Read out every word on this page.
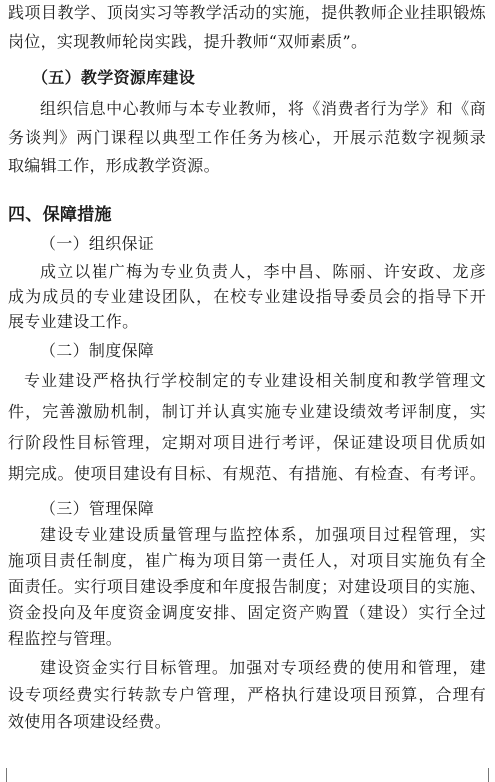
践项目教学、顶岗实习等教学活动的实施，提供教师企业挂职锻炼
岗位，实现教师轮岗实践，提升教师“双师素质”。
（五）教学资源库建设
组织信息中心教师与本专业教师，将《消费者行为学》和《商
务谈判》两门课程以典型工作任务为核心，开展示范数字视频录
取编辑工作，形成教学资源。
四、保障措施
（一）组织保证
成立以崔广梅为专业负责人，李中昌、陈丽、许安政、龙彦
成为成员的专业建设团队，在校专业建设指导委员会的指导下开
展专业建设工作。
（二）制度保障
专业建设严格执行学校制定的专业建设相关制度和教学管理文
件，完善激励机制，制订并认真实施专业建设绩效考评制度，实
行阶段性目标管理，定期对项目进行考评，保证建设项目优质如
期完成。使项目建设有目标、有规范、有措施、有检查、有考评。
（三）管理保障
建设专业建设质量管理与监控体系，加强项目过程管理，实
施项目责任制度，崔广梅为项目第一责任人，对项目实施负有全
面责任。实行项目建设季度和年度报告制度；对建设项目的实施、
资金投向及年度资金调度安排、固定资产购置（建设）实行全过
程监控与管理。
建设资金实行目标管理。加强对专项经费的使用和管理，建
设专项经费实行转款专户管理，严格执行建设项目预算，合理有
效使用各项建设经费。
